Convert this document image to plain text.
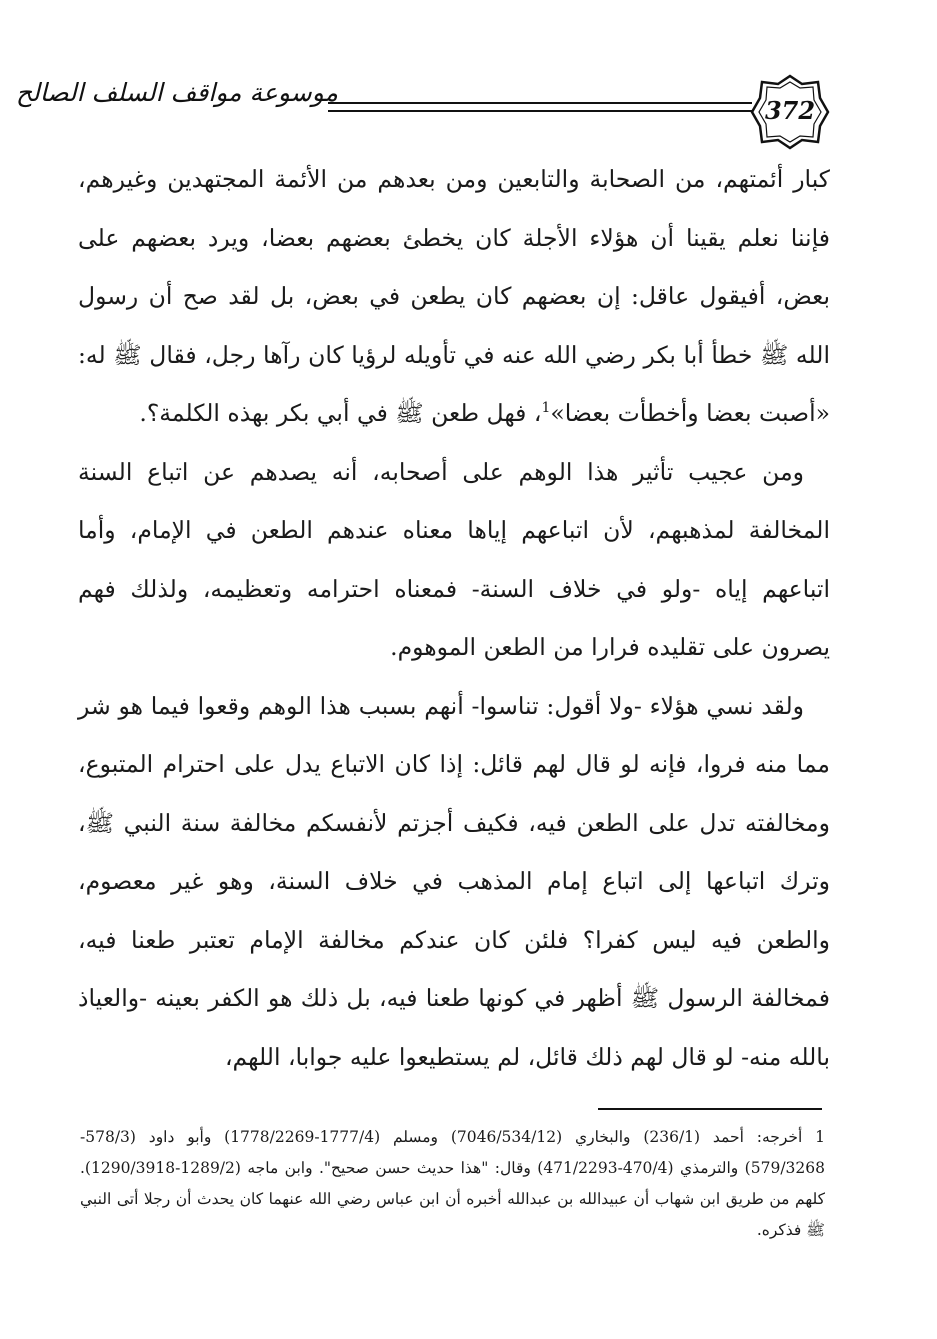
372
موسوعة مواقف السلف الصالح

كبار أئمتهم، من الصحابة والتابعين ومن بعدهم من الأئمة المجتهدين وغيرهم، فإننا نعلم يقينا أن هؤلاء الأجلة كان يخطئ بعضهم بعضا، ويرد بعضهم على بعض، أفيقول عاقل: إن بعضهم كان يطعن في بعض، بل لقد صح أن رسول الله ﷺ خطأ أبا بكر رضي الله عنه في تأويله لرؤيا كان رآها رجل، فقال ﷺ له: «أصبت بعضا وأخطأت بعضا»$^1$، فهل طعن ﷺ في أبي بكر بهذه الكلمة؟.

ومن عجيب تأثير هذا الوهم على أصحابه، أنه يصدهم عن اتباع السنة المخالفة لمذهبهم، لأن اتباعهم إياها معناه عندهم الطعن في الإمام، وأما اتباعهم إياه -ولو في خلاف السنة- فمعناه احترامه وتعظيمه، ولذلك فهم يصرون على تقليده فرارا من الطعن الموهوم.

ولقد نسي هؤلاء -ولا أقول: تناسوا- أنهم بسبب هذا الوهم وقعوا فيما هو شر مما منه فروا، فإنه لو قال لهم قائل: إذا كان الاتباع يدل على احترام المتبوع، ومخالفته تدل على الطعن فيه، فكيف أجزتم لأنفسكم مخالفة سنة النبي ﷺ، وترك اتباعها إلى اتباع إمام المذهب في خلاف السنة، وهو غير معصوم، والطعن فيه ليس كفرا؟ فلئن كان عندكم مخالفة الإمام تعتبر طعنا فيه، فمخالفة الرسول ﷺ أظهر في كونها طعنا فيه، بل ذلك هو الكفر بعينه -والعياذ بالله منه- لو قال لهم ذلك قائل، لم يستطيعوا عليه جوابا، اللهم،

1 أخرجه: أحمد (236/1) والبخاري (7046/534/12) ومسلم (1777/4-1778/2269) وأبو داود (578/3-579/3268) والترمذي (470/4-471/2293) وقال: "هذا حديث حسن صحيح". وابن ماجه (1289/2-1290/3918). كلهم من طريق ابن شهاب أن عبيدالله بن عبدالله أخبره أن ابن عباس رضي الله عنهما كان يحدث أن رجلا أتى النبي ﷺ فذكره.
